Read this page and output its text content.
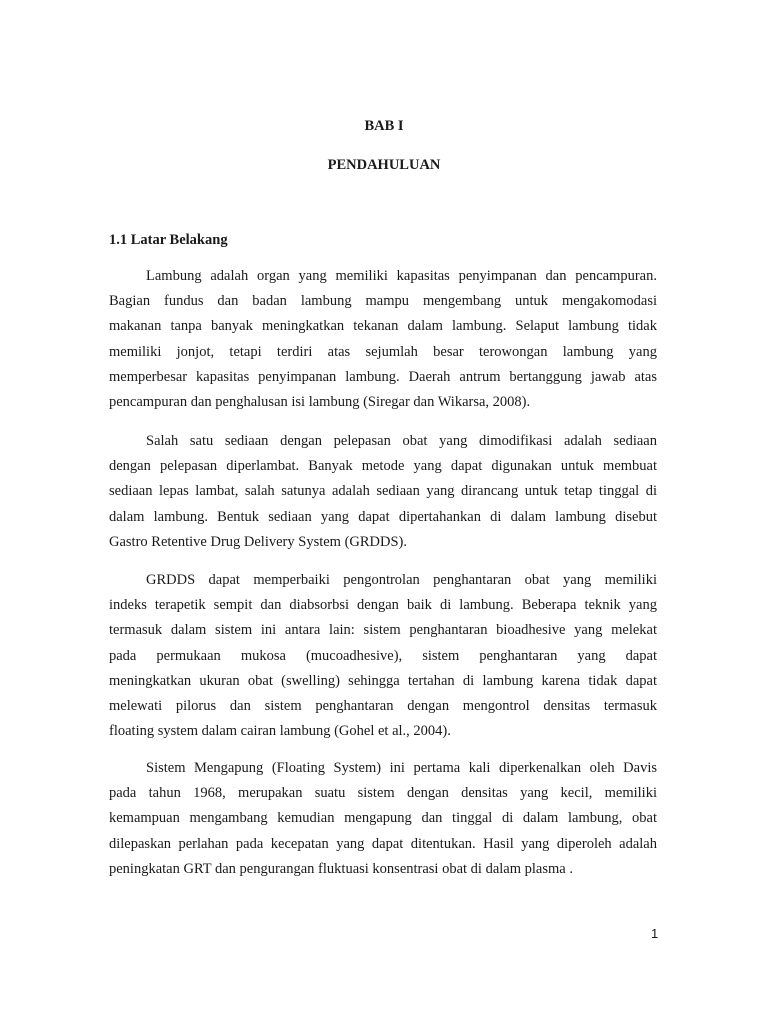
BAB I
PENDAHULUAN
1.1 Latar Belakang
Lambung adalah organ yang memiliki kapasitas penyimpanan dan pencampuran.
Bagian fundus dan badan lambung mampu mengembang untuk mengakomodasi
makanan tanpa banyak meningkatkan tekanan dalam lambung. Selaput lambung tidak
memiliki jonjot, tetapi terdiri atas sejumlah besar terowongan lambung yang
memperbesar kapasitas penyimpanan lambung. Daerah antrum bertanggung jawab atas
pencampuran dan penghalusan isi lambung (Siregar dan Wikarsa, 2008).
Salah satu sediaan dengan pelepasan obat yang dimodifikasi adalah sediaan
dengan pelepasan diperlambat. Banyak metode yang dapat digunakan untuk membuat
sediaan lepas lambat, salah satunya adalah sediaan yang dirancang untuk tetap tinggal di
dalam lambung. Bentuk sediaan yang dapat dipertahankan di dalam lambung disebut
Gastro Retentive Drug Delivery System (GRDDS).
GRDDS dapat memperbaiki pengontrolan penghantaran obat yang memiliki
indeks terapetik sempit dan diabsorbsi dengan baik di lambung. Beberapa teknik yang
termasuk dalam sistem ini antara lain: sistem penghantaran bioadhesive yang melekat
pada permukaan mukosa (mucoadhesive), sistem penghantaran yang dapat
meningkatkan ukuran obat (swelling) sehingga tertahan di lambung karena tidak dapat
melewati pilorus dan sistem penghantaran dengan mengontrol densitas termasuk
floating system dalam cairan lambung (Gohel et al., 2004).
Sistem Mengapung (Floating System) ini pertama kali diperkenalkan oleh Davis
pada tahun 1968, merupakan suatu sistem dengan densitas yang kecil, memiliki
kemampuan mengambang kemudian mengapung dan tinggal di dalam lambung, obat
dilepaskan perlahan pada kecepatan yang dapat ditentukan. Hasil yang diperoleh adalah
peningkatan GRT dan pengurangan fluktuasi konsentrasi obat di dalam plasma .
1
